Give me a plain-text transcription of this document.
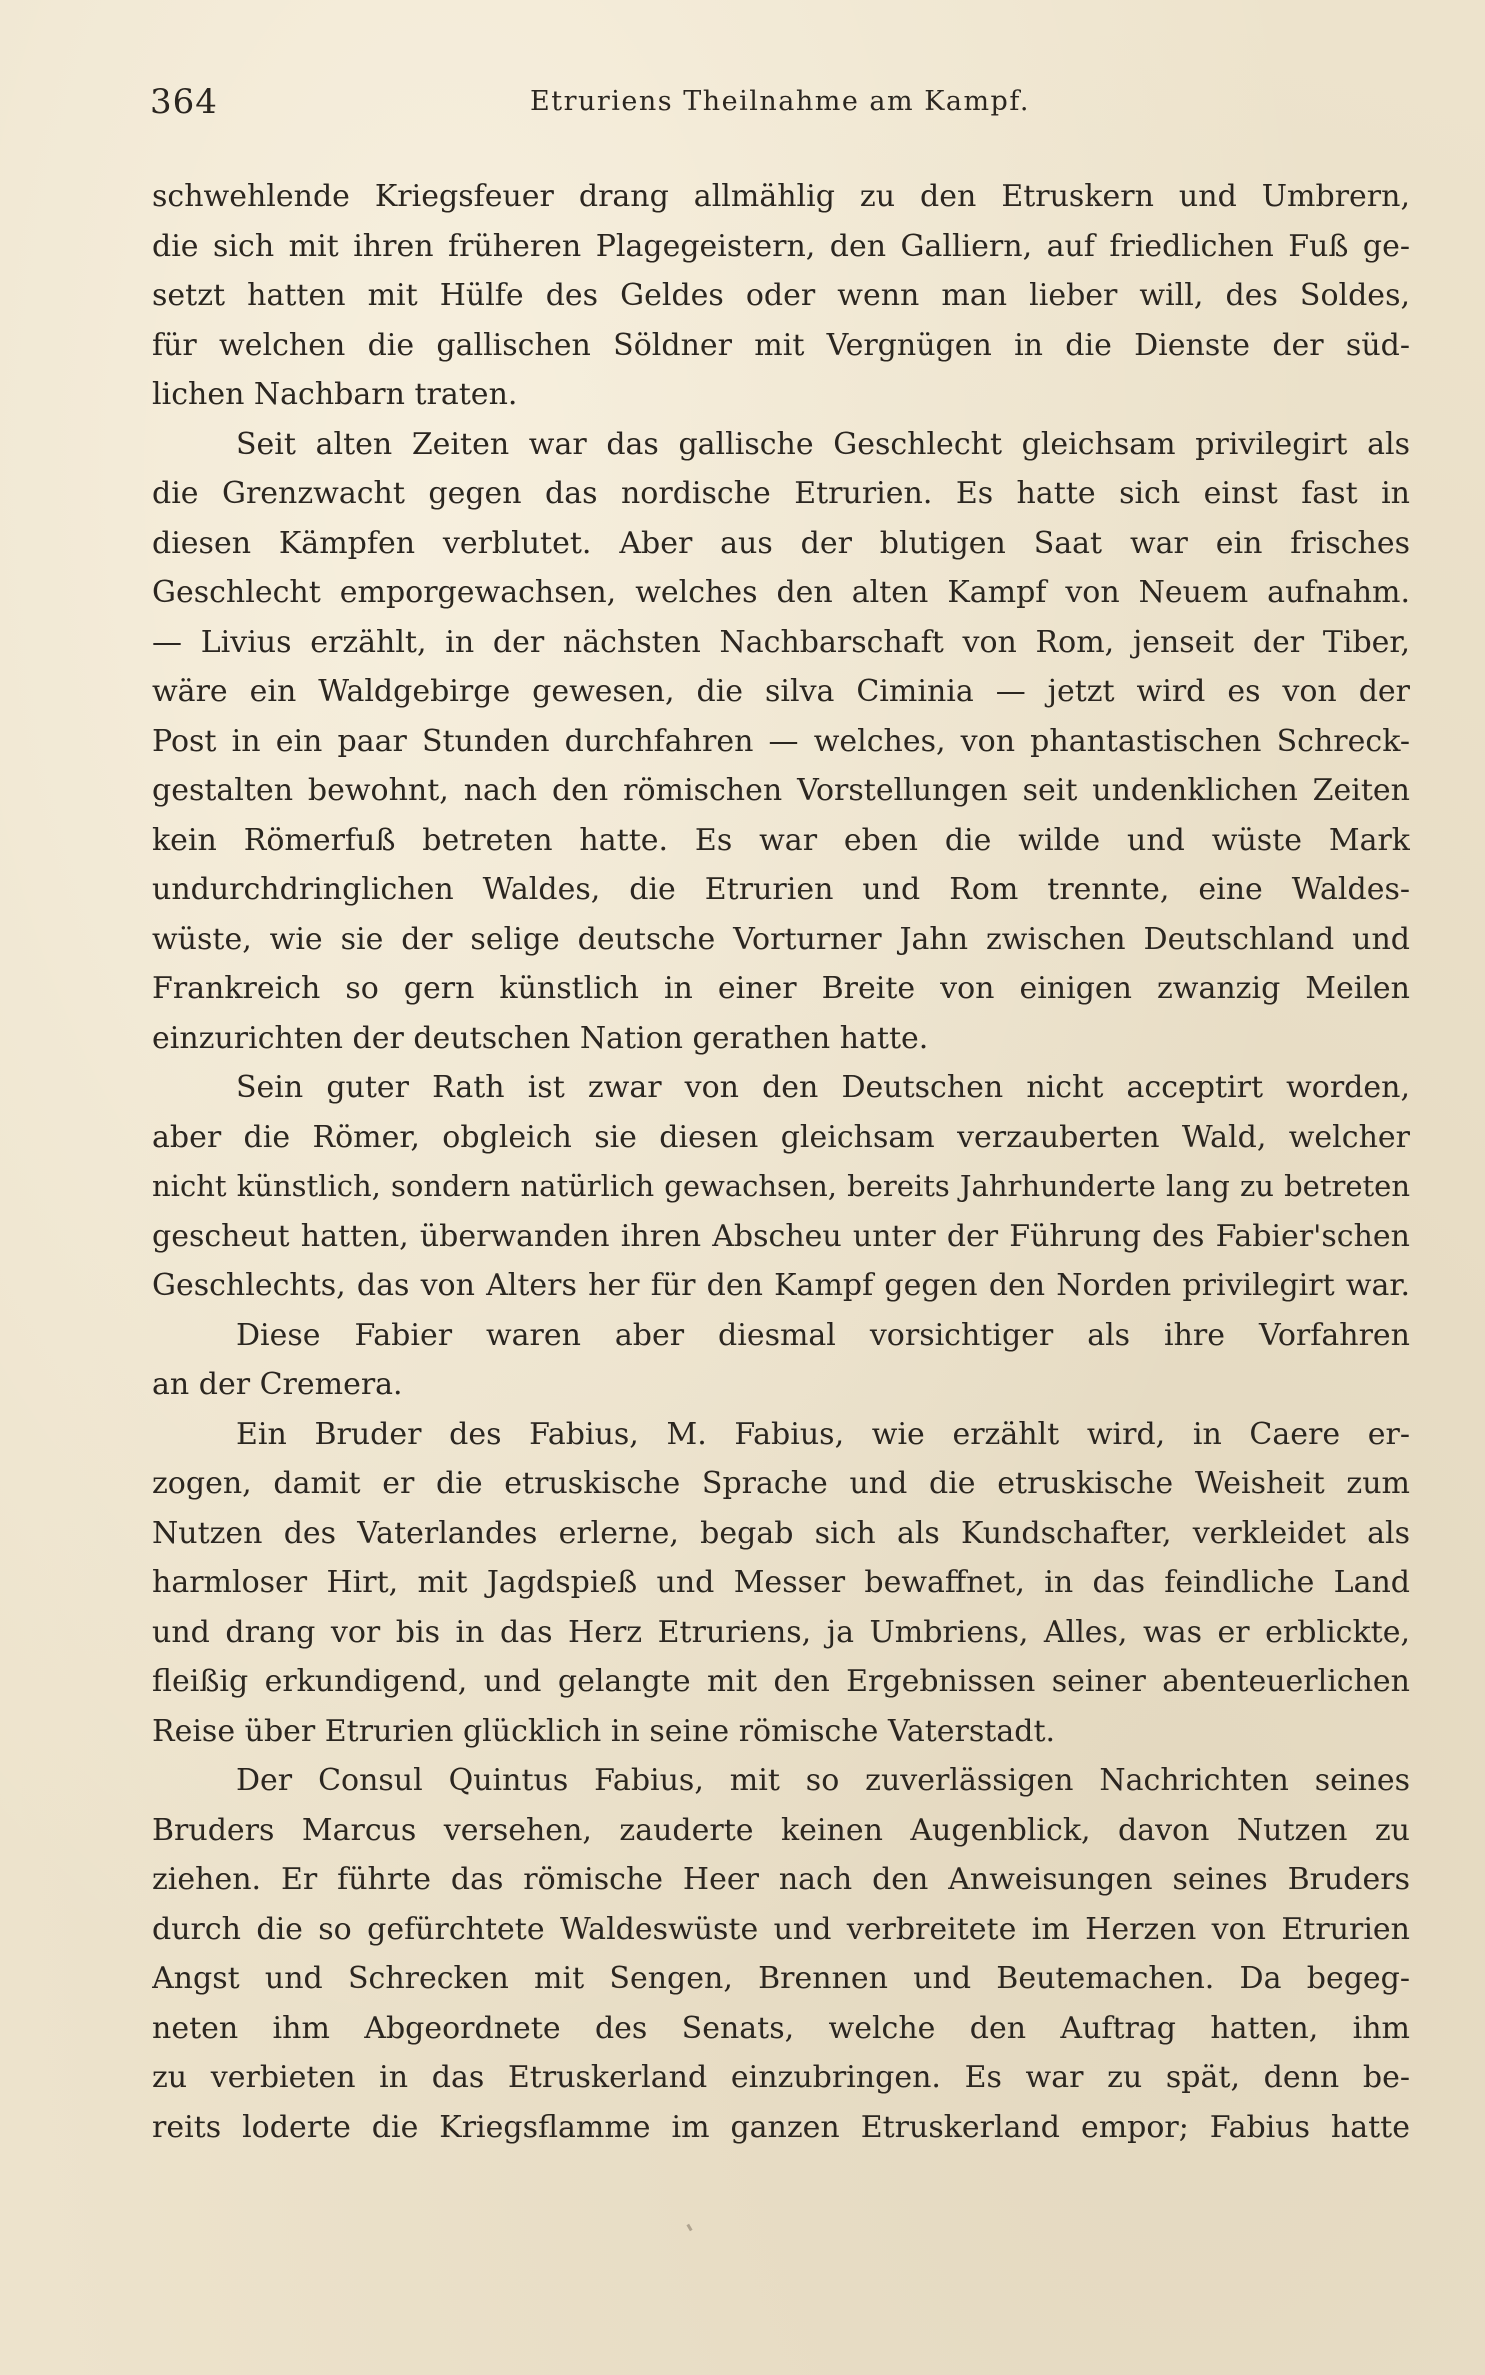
364	Etruriens Theilnahme am Kampf.
schwehlende Kriegsfeuer drang allmählig zu den Etruskern und Umbrern,
die sich mit ihren früheren Plagegeistern, den Galliern, auf friedlichen Fuß ge-
setzt hatten mit Hülfe des Geldes oder wenn man lieber will, des Soldes,
für welchen die gallischen Söldner mit Vergnügen in die Dienste der süd-
lichen Nachbarn traten.
Seit alten Zeiten war das gallische Geschlecht gleichsam privilegirt als
die Grenzwacht gegen das nordische Etrurien. Es hatte sich einst fast in
diesen Kämpfen verblutet. Aber aus der blutigen Saat war ein frisches
Geschlecht emporgewachsen, welches den alten Kampf von Neuem aufnahm.
— Livius erzählt, in der nächsten Nachbarschaft von Rom, jenseit der Tiber,
wäre ein Waldgebirge gewesen, die silva Ciminia — jetzt wird es von der
Post in ein paar Stunden durchfahren — welches, von phantastischen Schreck-
gestalten bewohnt, nach den römischen Vorstellungen seit undenklichen Zeiten
kein Römerfuß betreten hatte. Es war eben die wilde und wüste Mark
undurchdringlichen Waldes, die Etrurien und Rom trennte, eine Waldes-
wüste, wie sie der selige deutsche Vorturner Jahn zwischen Deutschland und
Frankreich so gern künstlich in einer Breite von einigen zwanzig Meilen
einzurichten der deutschen Nation gerathen hatte.
Sein guter Rath ist zwar von den Deutschen nicht acceptirt worden,
aber die Römer, obgleich sie diesen gleichsam verzauberten Wald, welcher
nicht künstlich, sondern natürlich gewachsen, bereits Jahrhunderte lang zu betreten
gescheut hatten, überwanden ihren Abscheu unter der Führung des Fabier'schen
Geschlechts, das von Alters her für den Kampf gegen den Norden privilegirt war.
Diese Fabier waren aber diesmal vorsichtiger als ihre Vorfahren
an der Cremera.
Ein Bruder des Fabius, M. Fabius, wie erzählt wird, in Caere er-
zogen, damit er die etruskische Sprache und die etruskische Weisheit zum
Nutzen des Vaterlandes erlerne, begab sich als Kundschafter, verkleidet als
harmloser Hirt, mit Jagdspieß und Messer bewaffnet, in das feindliche Land
und drang vor bis in das Herz Etruriens, ja Umbriens, Alles, was er erblickte,
fleißig erkundigend, und gelangte mit den Ergebnissen seiner abenteuerlichen
Reise über Etrurien glücklich in seine römische Vaterstadt.
Der Consul Quintus Fabius, mit so zuverlässigen Nachrichten seines
Bruders Marcus versehen, zauderte keinen Augenblick, davon Nutzen zu
ziehen. Er führte das römische Heer nach den Anweisungen seines Bruders
durch die so gefürchtete Waldeswüste und verbreitete im Herzen von Etrurien
Angst und Schrecken mit Sengen, Brennen und Beutemachen. Da begeg-
neten ihm Abgeordnete des Senats, welche den Auftrag hatten, ihm
zu verbieten in das Etruskerland einzubringen. Es war zu spät, denn be-
reits loderte die Kriegsflamme im ganzen Etruskerland empor; Fabius hatte
